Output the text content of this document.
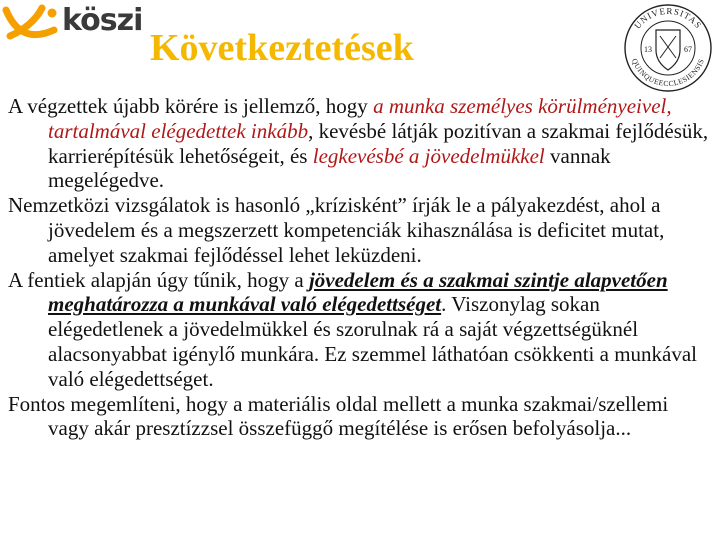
köszi
Következtetések
UNIVERSITAS
QUINQUEECCLESIENSIS
13	67

A végzettek újabb körére is jellemző, hogy a munka személyes körülményeivel, tartalmával elégedettek inkább, kevésbé látják pozitívan a szakmai fejlődésük, karrierépítésük lehetőségeit, és legkevésbé a jövedelmükkel vannak megelégedve.

Nemzetközi vizsgálatok is hasonló „krízisként” írják le a pályakezdést, ahol a jövedelem és a megszerzett kompetenciák kihasználása is deficitet mutat, amelyet szakmai fejlődéssel lehet leküzdeni.

A fentiek alapján úgy tűnik, hogy a jövedelem és a szakmai szintje alapvetően meghatározza a munkával való elégedettséget. Viszonylag sokan elégedetlenek a jövedelmükkel és szorulnak rá a saját végzettségüknél alacsonyabbat igénylő munkára. Ez szemmel láthatóan csökkenti a munkával való elégedettséget.

Fontos megemlíteni, hogy a materiális oldal mellett a munka szakmai/szellemi vagy akár presztízzsel összefüggő megítélése is erősen befolyásolja...
